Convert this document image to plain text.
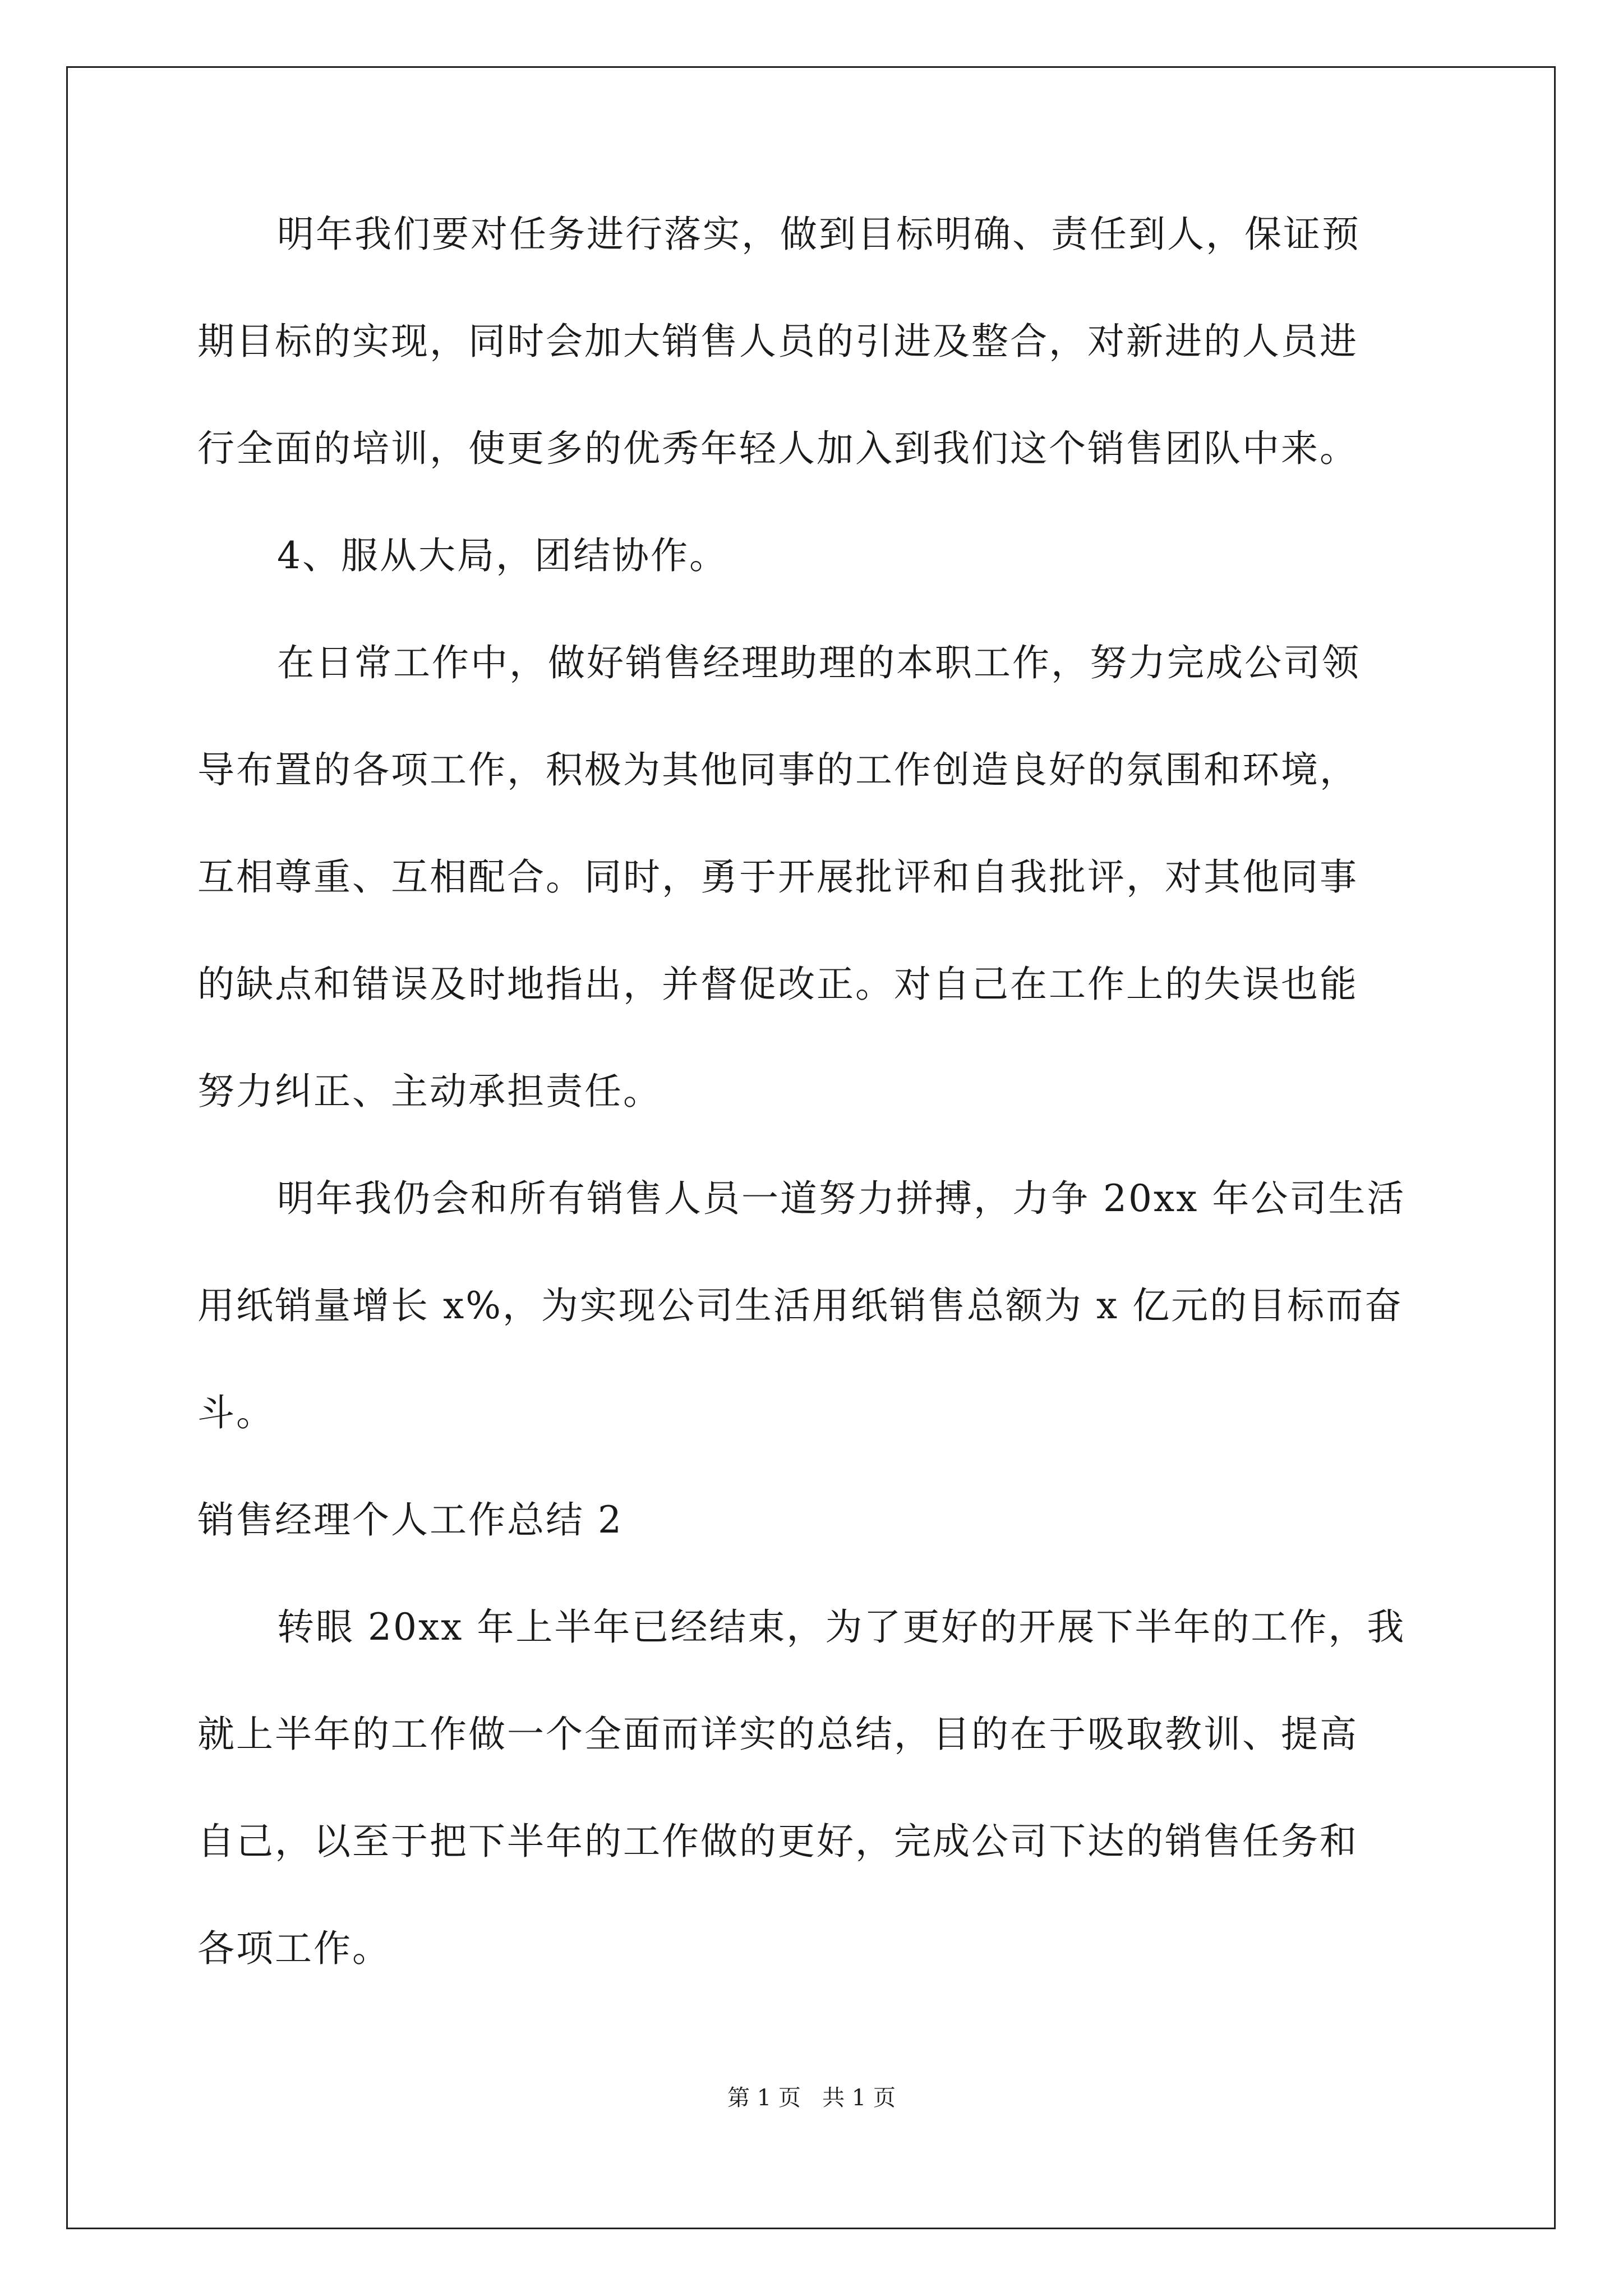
明年我们要对任务进行落实，做到目标明确、责任到人，保证预
期目标的实现，同时会加大销售人员的引进及整合，对新进的人员进
行全面的培训，使更多的优秀年轻人加入到我们这个销售团队中来。
4、服从大局，团结协作。
在日常工作中，做好销售经理助理的本职工作，努力完成公司领
导布置的各项工作，积极为其他同事的工作创造良好的氛围和环境，
互相尊重、互相配合。同时，勇于开展批评和自我批评，对其他同事
的缺点和错误及时地指出，并督促改正。对自己在工作上的失误也能
努力纠正、主动承担责任。
明年我仍会和所有销售人员一道努力拼搏，力争 20xx 年公司生活
用纸销量增长 x%，为实现公司生活用纸销售总额为 x 亿元的目标而奋
斗。
销售经理个人工作总结 2
转眼 20xx 年上半年已经结束，为了更好的开展下半年的工作，我
就上半年的工作做一个全面而详实的总结，目的在于吸取教训、提高
自己，以至于把下半年的工作做的更好，完成公司下达的销售任务和
各项工作。
第 1 页   共 1 页
